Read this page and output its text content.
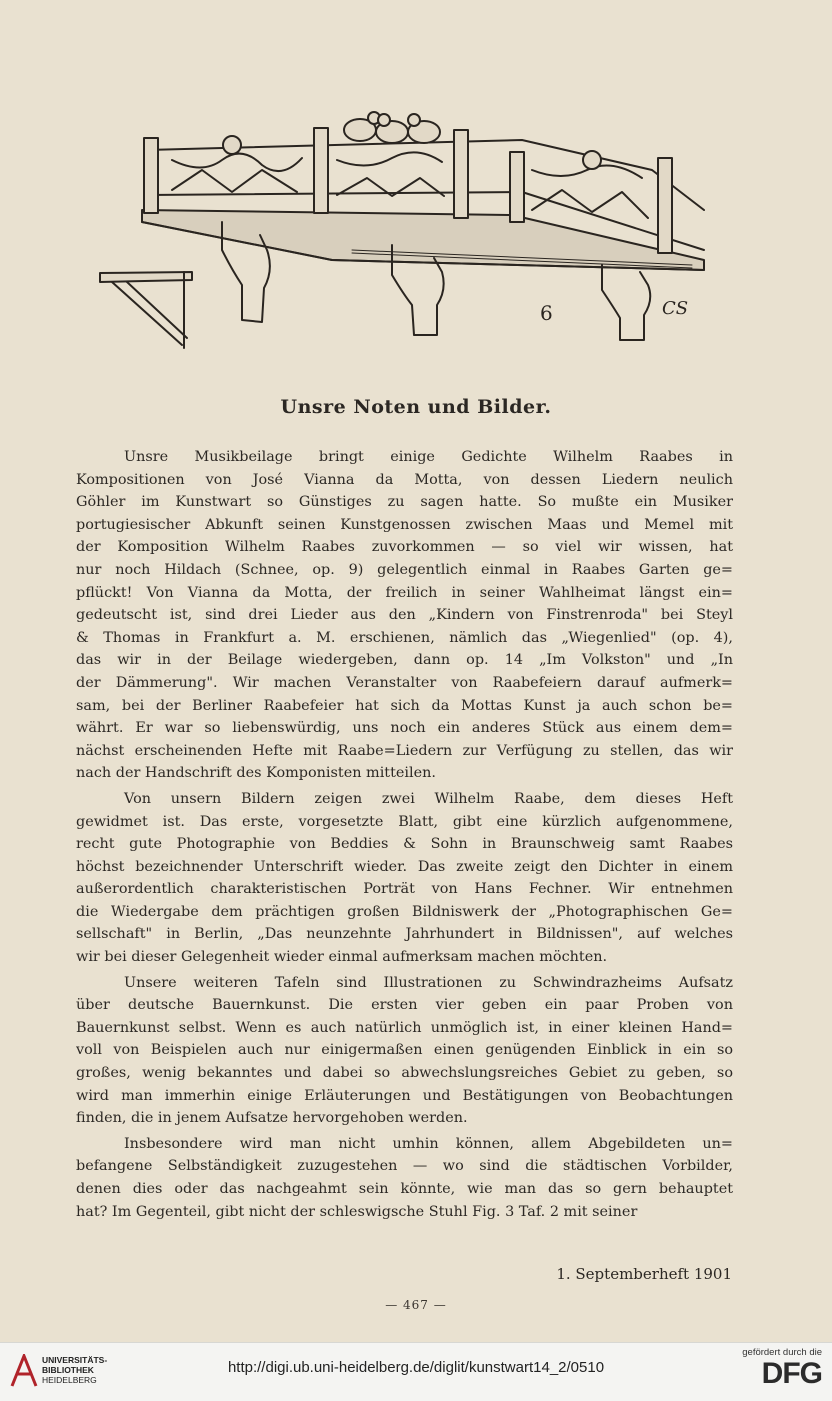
6	CS
Unsre Noten und Bilder.
Unsre Musikbeilage bringt einige Gedichte Wilhelm Raabes in
Kompositionen von José Vianna da Motta, von dessen Liedern neulich
Göhler im Kunstwart so Günstiges zu sagen hatte. So mußte ein Musiker
portugiesischer Abkunft seinen Kunstgenossen zwischen Maas und Memel mit
der Komposition Wilhelm Raabes zuvorkommen — so viel wir wissen, hat
nur noch Hildach (Schnee, op. 9) gelegentlich einmal in Raabes Garten ge=
pflückt! Von Vianna da Motta, der freilich in seiner Wahlheimat längst ein=
gedeutscht ist, sind drei Lieder aus den „Kindern von Finstrenroda" bei Steyl
& Thomas in Frankfurt a. M. erschienen, nämlich das „Wiegenlied" (op. 4),
das wir in der Beilage wiedergeben, dann op. 14 „Im Volkston" und „In
der Dämmerung". Wir machen Veranstalter von Raabefeiern darauf aufmerk=
sam, bei der Berliner Raabefeier hat sich da Mottas Kunst ja auch schon be=
währt. Er war so liebenswürdig, uns noch ein anderes Stück aus einem dem=
nächst erscheinenden Hefte mit Raabe=Liedern zur Verfügung zu stellen, das wir
nach der Handschrift des Komponisten mitteilen.
Von unsern Bildern zeigen zwei Wilhelm Raabe, dem dieses Heft
gewidmet ist. Das erste, vorgesetzte Blatt, gibt eine kürzlich aufgenommene,
recht gute Photographie von Beddies & Sohn in Braunschweig samt Raabes
höchst bezeichnender Unterschrift wieder. Das zweite zeigt den Dichter in einem
außerordentlich charakteristischen Porträt von Hans Fechner. Wir entnehmen
die Wiedergabe dem prächtigen großen Bildniswerk der „Photographischen Ge=
sellschaft" in Berlin, „Das neunzehnte Jahrhundert in Bildnissen", auf welches
wir bei dieser Gelegenheit wieder einmal aufmerksam machen möchten.
Unsere weiteren Tafeln sind Illustrationen zu Schwindrazheims Aufsatz
über deutsche Bauernkunst. Die ersten vier geben ein paar Proben von
Bauernkunst selbst. Wenn es auch natürlich unmöglich ist, in einer kleinen Hand=
voll von Beispielen auch nur einigermaßen einen genügenden Einblick in ein so
großes, wenig bekanntes und dabei so abwechslungsreiches Gebiet zu geben, so
wird man immerhin einige Erläuterungen und Bestätigungen von Beobachtungen
finden, die in jenem Aufsatze hervorgehoben werden.
Insbesondere wird man nicht umhin können, allem Abgebildeten un=
befangene Selbständigkeit zuzugestehen — wo sind die städtischen Vorbilder,
denen dies oder das nachgeahmt sein könnte, wie man das so gern behauptet
hat? Im Gegenteil, gibt nicht der schleswigsche Stuhl Fig. 3 Taf. 2 mit seiner
1. Septemberheft 1901
— 467 —
UNIVERSITÄTS-
BIBLIOTHEK
HEIDELBERG
http://digi.ub.uni-heidelberg.de/diglit/kunstwart14_2/0510
gefördert durch die
DFG
